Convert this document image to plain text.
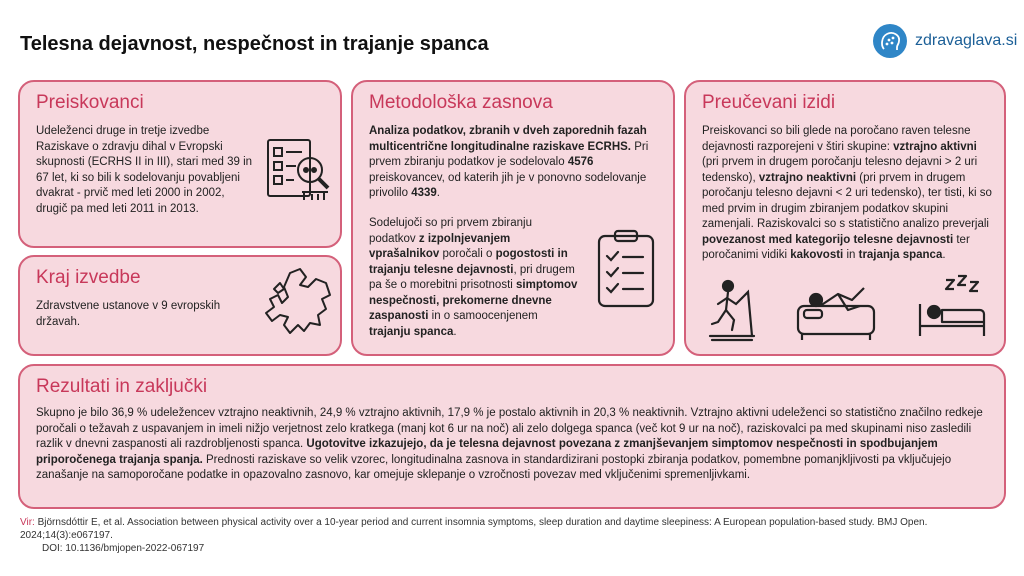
Telesna dejavnost, nespečnost in trajanje spanca	zdravaglava.si
Preiskovanci
Udeleženci druge in tretje izvedbe Raziskave o zdravju dihal v Evropski skupnosti (ECRHS II in III), stari med 39 in 67 let, ki so bili k sodelovanju povabljeni dvakrat - prvič med leti 2000 in 2002, drugič pa med leti 2011 in 2013.
Kraj izvedbe
Zdravstvene ustanove v 9 evropskih državah.
Metodološka zasnova
Analiza podatkov, zbranih v dveh zaporednih fazah multicentrične longitudinalne raziskave ECRHS. Pri prvem zbiranju podatkov je sodelovalo 4576 preiskovancev, od katerih jih je v ponovno sodelovanje privolilo 4339.
Sodelujoči so pri prvem zbiranju podatkov z izpolnjevanjem vprašalnikov poročali o pogostosti in trajanju telesne dejavnosti, pri drugem pa še o morebitni prisotnosti simptomov nespečnosti, prekomerne dnevne zaspanosti in o samoocenjenem trajanju spanca.
Preučevani izidi
Preiskovanci so bili glede na poročano raven telesne dejavnosti razporejeni v štiri skupine: vztrajno aktivni (pri prvem in drugem poročanju telesno dejavni > 2 uri tedensko), vztrajno neaktivni (pri prvem in drugem poročanju telesno dejavni < 2 uri tedensko), ter tisti, ki so med prvim in drugim zbiranjem podatkov skupini zamenjali. Raziskovalci so s statistično analizo preverjali povezanost med kategorijo telesne dejavnosti ter poročanimi vidiki kakovosti in trajanja spanca.
Rezultati in zaključki
Skupno je bilo 36,9 % udeležencev vztrajno neaktivnih, 24,9 % vztrajno aktivnih, 17,9 % je postalo aktivnih in 20,3 % neaktivnih. Vztrajno aktivni udeleženci so statistično značilno redkeje poročali o težavah z uspavanjem in imeli nižjo verjetnost zelo kratkega (manj kot 6 ur na noč) ali zelo dolgega spanca (več kot 9 ur na noč), raziskovalci pa med skupinami niso zasledili razlik v dnevni zaspanosti ali razdrobljenosti spanca. Ugotovitve izkazujejo, da je telesna dejavnost povezana z zmanjševanjem simptomov nespečnosti in spodbujanjem priporočenega trajanja spanja. Prednosti raziskave so velik vzorec, longitudinalna zasnova in standardizirani postopki zbiranja podatkov, pomembne pomanjkljivosti pa vključujejo zanašanje na samoporočane podatke in opazovalno zasnovo, kar omejuje sklepanje o vzročnosti povezav med vključenimi spremenljivkami.
Vir: Björnsdóttir E, et al. Association between physical activity over a 10-year period and current insomnia symptoms, sleep duration and daytime sleepiness: A European population-based study. BMJ Open. 2024;14(3):e067197.
DOI: 10.1136/bmjopen-2022-067197
